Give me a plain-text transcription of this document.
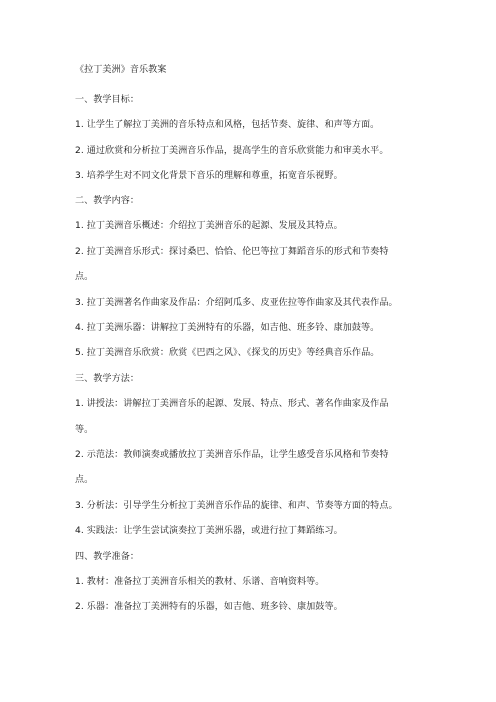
《拉丁美洲》音乐教案
一、教学目标：
1. 让学生了解拉丁美洲的音乐特点和风格，包括节奏、旋律、和声等方面。
2. 通过欣赏和分析拉丁美洲音乐作品，提高学生的音乐欣赏能力和审美水平。
3. 培养学生对不同文化背景下音乐的理解和尊重，拓宽音乐视野。
二、教学内容：
1. 拉丁美洲音乐概述：介绍拉丁美洲音乐的起源、发展及其特点。
2. 拉丁美洲音乐形式：探讨桑巴、恰恰、伦巴等拉丁舞蹈音乐的形式和节奏特
点。
3. 拉丁美洲著名作曲家及作品：介绍阿瓜多、皮亚佐拉等作曲家及其代表作品。
4. 拉丁美洲乐器：讲解拉丁美洲特有的乐器，如吉他、班多铃、康加鼓等。
5. 拉丁美洲音乐欣赏：欣赏《巴西之风》、《探戈的历史》等经典音乐作品。
三、教学方法：
1. 讲授法：讲解拉丁美洲音乐的起源、发展、特点、形式、著名作曲家及作品
等。
2. 示范法：教师演奏或播放拉丁美洲音乐作品，让学生感受音乐风格和节奏特
点。
3. 分析法：引导学生分析拉丁美洲音乐作品的旋律、和声、节奏等方面的特点。
4. 实践法：让学生尝试演奏拉丁美洲乐器，或进行拉丁舞蹈练习。
四、教学准备：
1. 教材：准备拉丁美洲音乐相关的教材、乐谱、音响资料等。
2. 乐器：准备拉丁美洲特有的乐器，如吉他、班多铃、康加鼓等。
